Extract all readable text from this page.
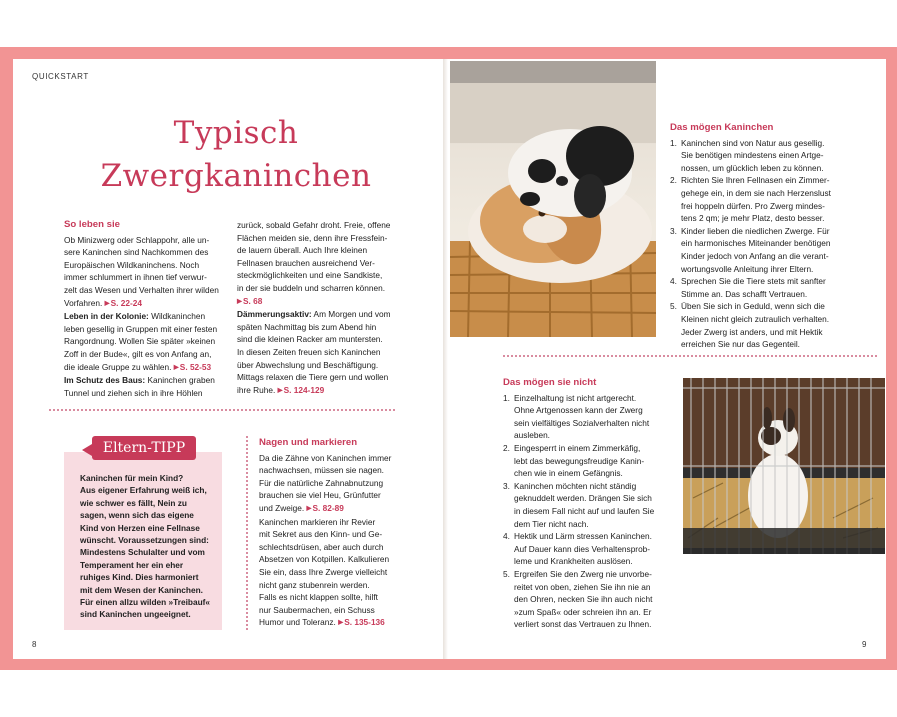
QUICKSTART
Typisch
Zwergkaninchen
So leben sie
Ob Minizwerg oder Schlappohr, alle un-
sere Kaninchen sind Nachkommen des
Europäischen Wildkaninchens. Noch
immer schlummert in ihnen tief verwur-
zelt das Wesen und Verhalten ihrer wilden
Vorfahren. ▶S. 22-24
Leben in der Kolonie: Wildkaninchen
leben gesellig in Gruppen mit einer festen
Rangordnung. Wollen Sie später »keinen
Zoff in der Bude«, gilt es von Anfang an,
die ideale Gruppe zu wählen. ▶S. 52-53
Im Schutz des Baus: Kaninchen graben
Tunnel und ziehen sich in ihre Höhlen
zurück, sobald Gefahr droht. Freie, offene
Flächen meiden sie, denn ihre Fressfein-
de lauern überall. Auch Ihre kleinen
Fellnasen brauchen ausreichend Ver-
steckmöglichkeiten und eine Sandkiste,
in der sie buddeln und scharren können.
▶S. 68
Dämmerungsaktiv: Am Morgen und vom
späten Nachmittag bis zum Abend hin
sind die kleinen Racker am muntersten.
In diesen Zeiten freuen sich Kaninchen
über Abwechslung und Beschäftigung.
Mittags relaxen die Tiere gern und wollen
ihre Ruhe. ▶S. 124-129
Eltern-TIPP
Kaninchen für mein Kind?
Aus eigener Erfahrung weiß ich,
wie schwer es fällt, Nein zu
sagen, wenn sich das eigene
Kind von Herzen eine Fellnase
wünscht. Voraussetzungen sind:
Mindestens Schulalter und vom
Temperament her ein eher
ruhiges Kind. Dies harmoniert
mit dem Wesen der Kaninchen.
Für einen allzu wilden »Treibauf«
sind Kaninchen ungeeignet.
Nagen und markieren
Da die Zähne von Kaninchen immer
nachwachsen, müssen sie nagen.
Für die natürliche Zahnabnutzung
brauchen sie viel Heu, Grünfutter
und Zweige. ▶S. 82-89
Kaninchen markieren ihr Revier
mit Sekret aus den Kinn- und Ge-
schlechtsdrüsen, aber auch durch
Absetzen von Kotpillen. Kalkulieren
Sie ein, dass Ihre Zwerge vielleicht
nicht ganz stubenrein werden.
Falls es nicht klappen sollte, hilft
nur Saubermachen, ein Schuss
Humor und Toleranz. ▶S. 135-136
8	9
Das mögen Kaninchen
1. Kaninchen sind von Natur aus gesellig.
Sie benötigen mindestens einen Artge-
nossen, um glücklich leben zu können.
2. Richten Sie Ihren Fellnasen ein Zimmer-
gehege ein, in dem sie nach Herzenslust
frei hoppeln dürfen. Pro Zwerg mindes-
tens 2 qm; je mehr Platz, desto besser.
3. Kinder lieben die niedlichen Zwerge. Für
ein harmonisches Miteinander benötigen
Kinder jedoch von Anfang an die verant-
wortungsvolle Anleitung ihrer Eltern.
4. Sprechen Sie die Tiere stets mit sanfter
Stimme an. Das schafft Vertrauen.
5. Üben Sie sich in Geduld, wenn sich die
Kleinen nicht gleich zutraulich verhalten.
Jeder Zwerg ist anders, und mit Hektik
erreichen Sie nur das Gegenteil.
Das mögen sie nicht
1. Einzelhaltung ist nicht artgerecht.
Ohne Artgenossen kann der Zwerg
sein vielfältiges Sozialverhalten nicht
ausleben.
2. Eingesperrt in einem Zimmerkäfig,
lebt das bewegungsfreudige Kanin-
chen wie in einem Gefängnis.
3. Kaninchen möchten nicht ständig
geknuddelt werden. Drängen Sie sich
in diesem Fall nicht auf und laufen Sie
dem Tier nicht nach.
4. Hektik und Lärm stressen Kaninchen.
Auf Dauer kann dies Verhaltensprob-
leme und Krankheiten auslösen.
5. Ergreifen Sie den Zwerg nie unvorbe-
reitet von oben, ziehen Sie ihn nie an
den Ohren, necken Sie ihn auch nicht
»zum Spaß« oder schreien ihn an. Er
verliert sonst das Vertrauen zu Ihnen.
